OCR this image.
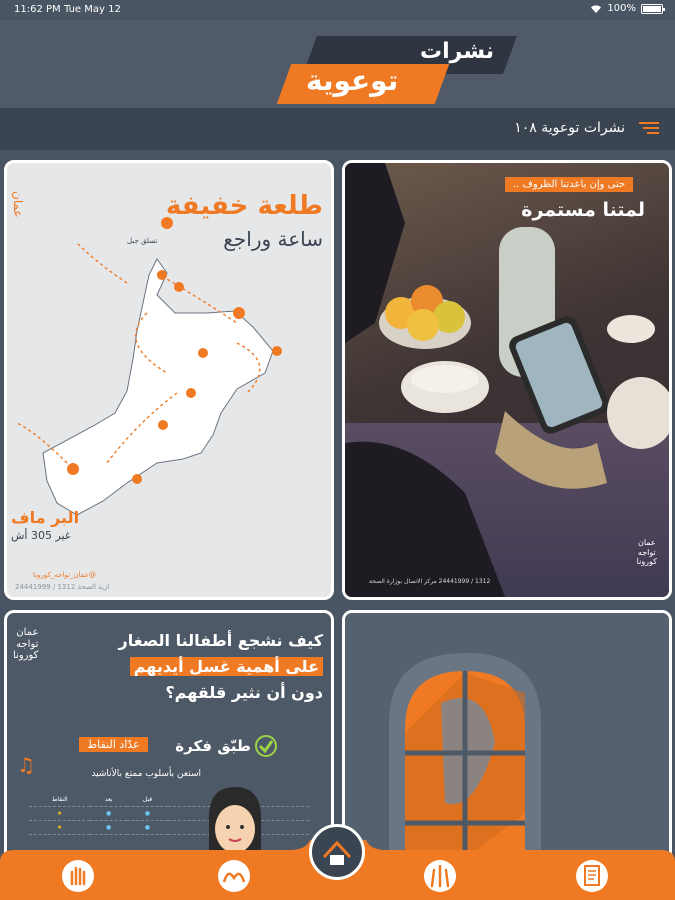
11:62 PM Tue May 12	100%
نشرات
توعوية
نشرات توعوية ١٠٨
طلعة خفيفة
ساعة وراجع
عمان
البر ماف
غير 305 أش
تسلق جبل
ازية الصحة 1312 / 24441999
@عمان_تواجه_كورونا
حتى وإن باعدتنا الظروف ..
لمتنا مستمرة
عمان
تواجه
كورونا
1312 / 24441999 مركز الاتصال بوزارة الصحة
عمان
تواجه
كورونا
كيف نشجع أطفالنا الصغار
على أهمية غسل أيديهم
دون أن نثير قلقهم؟
طبّق فكرة
عدّاد النقاط
استعن بأسلوب ممتع بالأناشيد
♫
النقاط	بعد	قبل	
★	●	●	
★	●	●	
